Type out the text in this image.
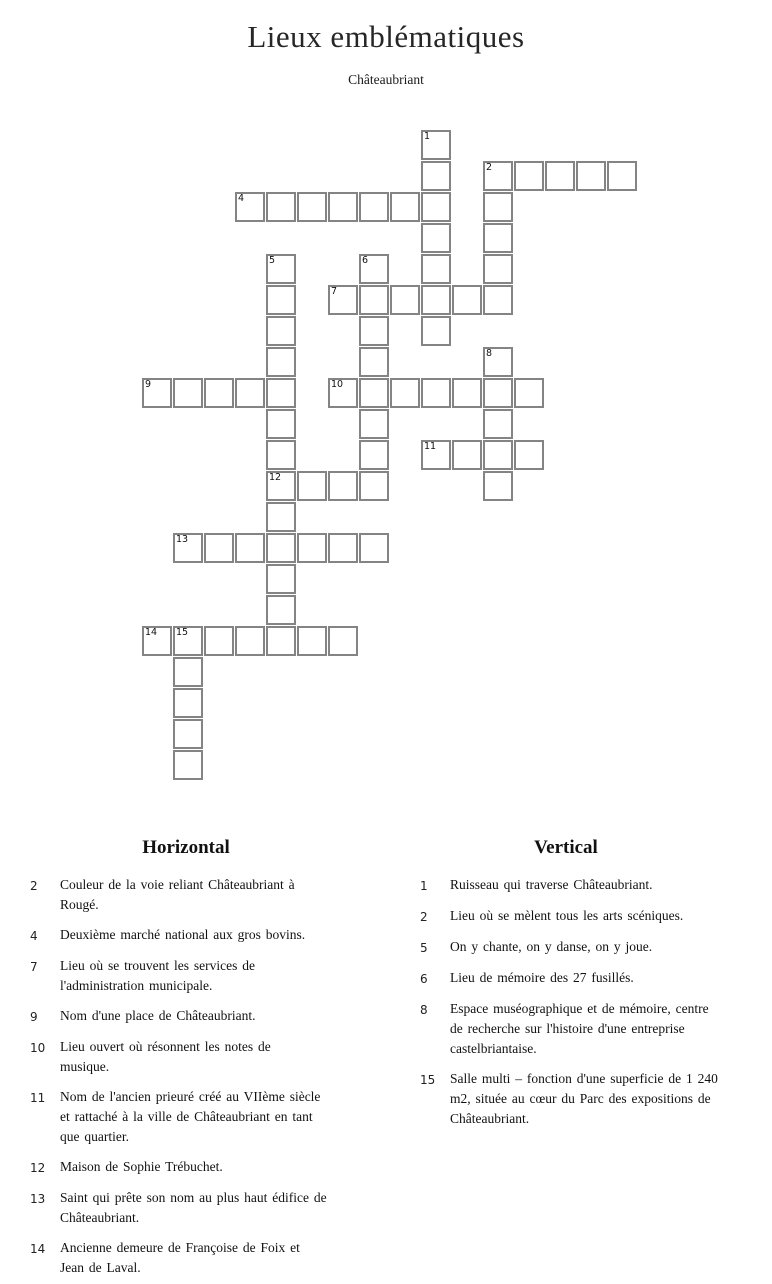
Lieux emblématiques
Châteaubriant
2
4
7
9	10
11
12
13
14 15
1
5	6
8
Horizontal
2	Couleur de la voie reliant Châteaubriant à
Rougé.
4	Deuxième marché national aux gros bovins.
7	Lieu où se trouvent les services de
l'administration municipale.
9	Nom d'une place de Châteaubriant.
10	Lieu ouvert où résonnent les notes de
musique.
11	Nom de l'ancien prieuré créé au VIIème siècle
et rattaché à la ville de Châteaubriant en tant
que quartier.
12	Maison de Sophie Trébuchet.
13	Saint qui prête son nom au plus haut édifice de
Châteaubriant.
14	Ancienne demeure de Françoise de Foix et
Jean de Laval.
Vertical
1	Ruisseau qui traverse Châteaubriant.
2	Lieu où se mèlent tous les arts scéniques.
5	On y chante, on y danse, on y joue.
6	Lieu de mémoire des 27 fusillés.
8	Espace muséographique et de mémoire, centre
de recherche sur l'histoire d'une entreprise
castelbriantaise.
15	Salle multi – fonction d'une superficie de 1 240
m2, située au cœur du Parc des expositions de
Châteaubriant.
